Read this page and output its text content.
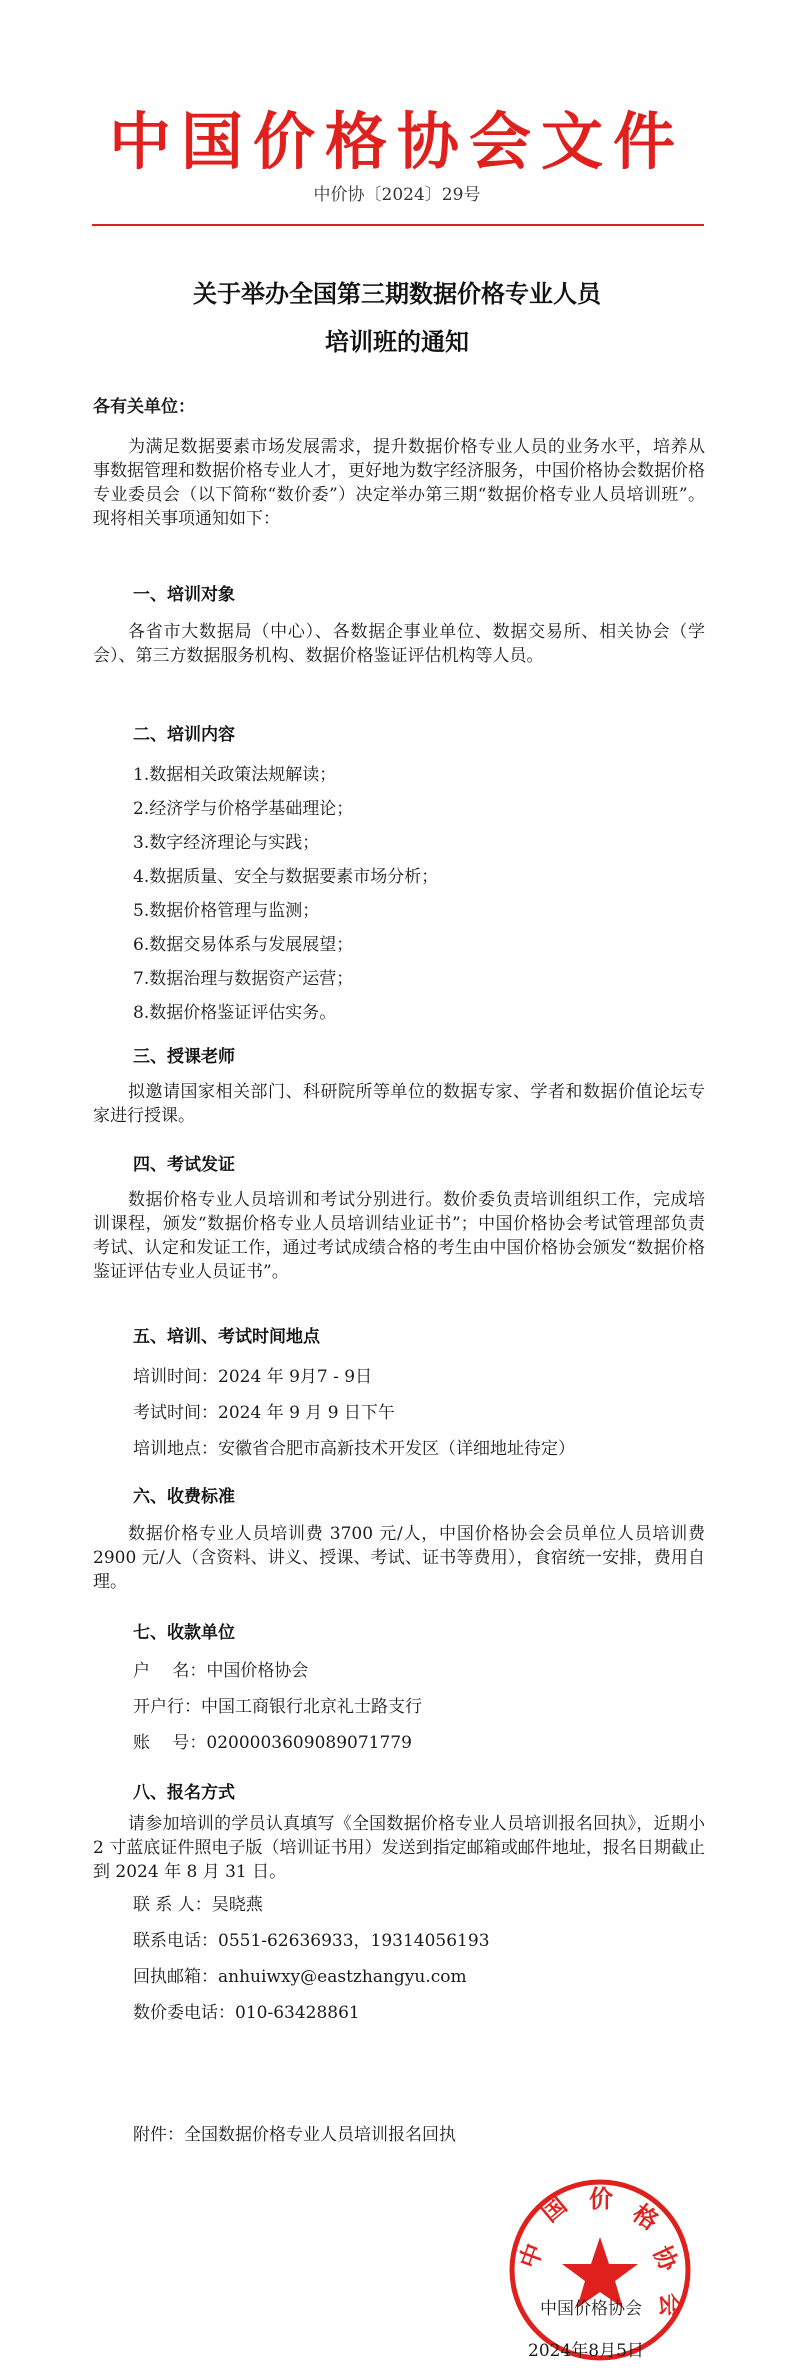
中国价格协会文件
中价协〔2024〕29号
关于举办全国第三期数据价格专业人员
培训班的通知
各有关单位：
为满足数据要素市场发展需求，提升数据价格专业人员的业务水平，培养从事数据管理和数据价格专业人才，更好地为数字经济服务，中国价格协会数据价格专业委员会（以下简称“数价委”）决定举办第三期“数据价格专业人员培训班”。现将相关事项通知如下：
一、培训对象
各省市大数据局（中心）、各数据企事业单位、数据交易所、相关协会（学会）、第三方数据服务机构、数据价格鉴证评估机构等人员。
二、培训内容
1.数据相关政策法规解读；
2.经济学与价格学基础理论；
3.数字经济理论与实践；
4.数据质量、安全与数据要素市场分析；
5.数据价格管理与监测；
6.数据交易体系与发展展望；
7.数据治理与数据资产运营；
8.数据价格鉴证评估实务。
三、授课老师
拟邀请国家相关部门、科研院所等单位的数据专家、学者和数据价值论坛专家进行授课。
四、考试发证
数据价格专业人员培训和考试分别进行。数价委负责培训组织工作，完成培训课程，颁发“数据价格专业人员培训结业证书”；中国价格协会考试管理部负责考试、认定和发证工作，通过考试成绩合格的考生由中国价格协会颁发“数据价格鉴证评估专业人员证书”。
五、培训、考试时间地点
培训时间：2024 年 9月7 - 9日
考试时间：2024 年 9 月 9 日下午
培训地点：安徽省合肥市高新技术开发区（详细地址待定）
六、收费标准
数据价格专业人员培训费 3700 元/人，中国价格协会会员单位人员培训费 2900 元/人（含资料、讲义、授课、考试、证书等费用），食宿统一安排，费用自理。
七、收款单位
户　 名：中国价格协会
开户行：中国工商银行北京礼士路支行
账　 号：0200003609089071779
八、报名方式
请参加培训的学员认真填写《全国数据价格专业人员培训报名回执》，近期小 2 寸蓝底证件照电子版（培训证书用）发送到指定邮箱或邮件地址，报名日期截止到 2024 年 8 月 31 日。
联 系 人：吴晓燕
联系电话：0551-62636933，19314056193
回执邮箱：anhuiwxy@eastzhangyu.com
数价委电话：010-63428861
附件：全国数据价格专业人员培训报名回执
中
国 价 格
协
会
中国价格协会
2024年8月5日
